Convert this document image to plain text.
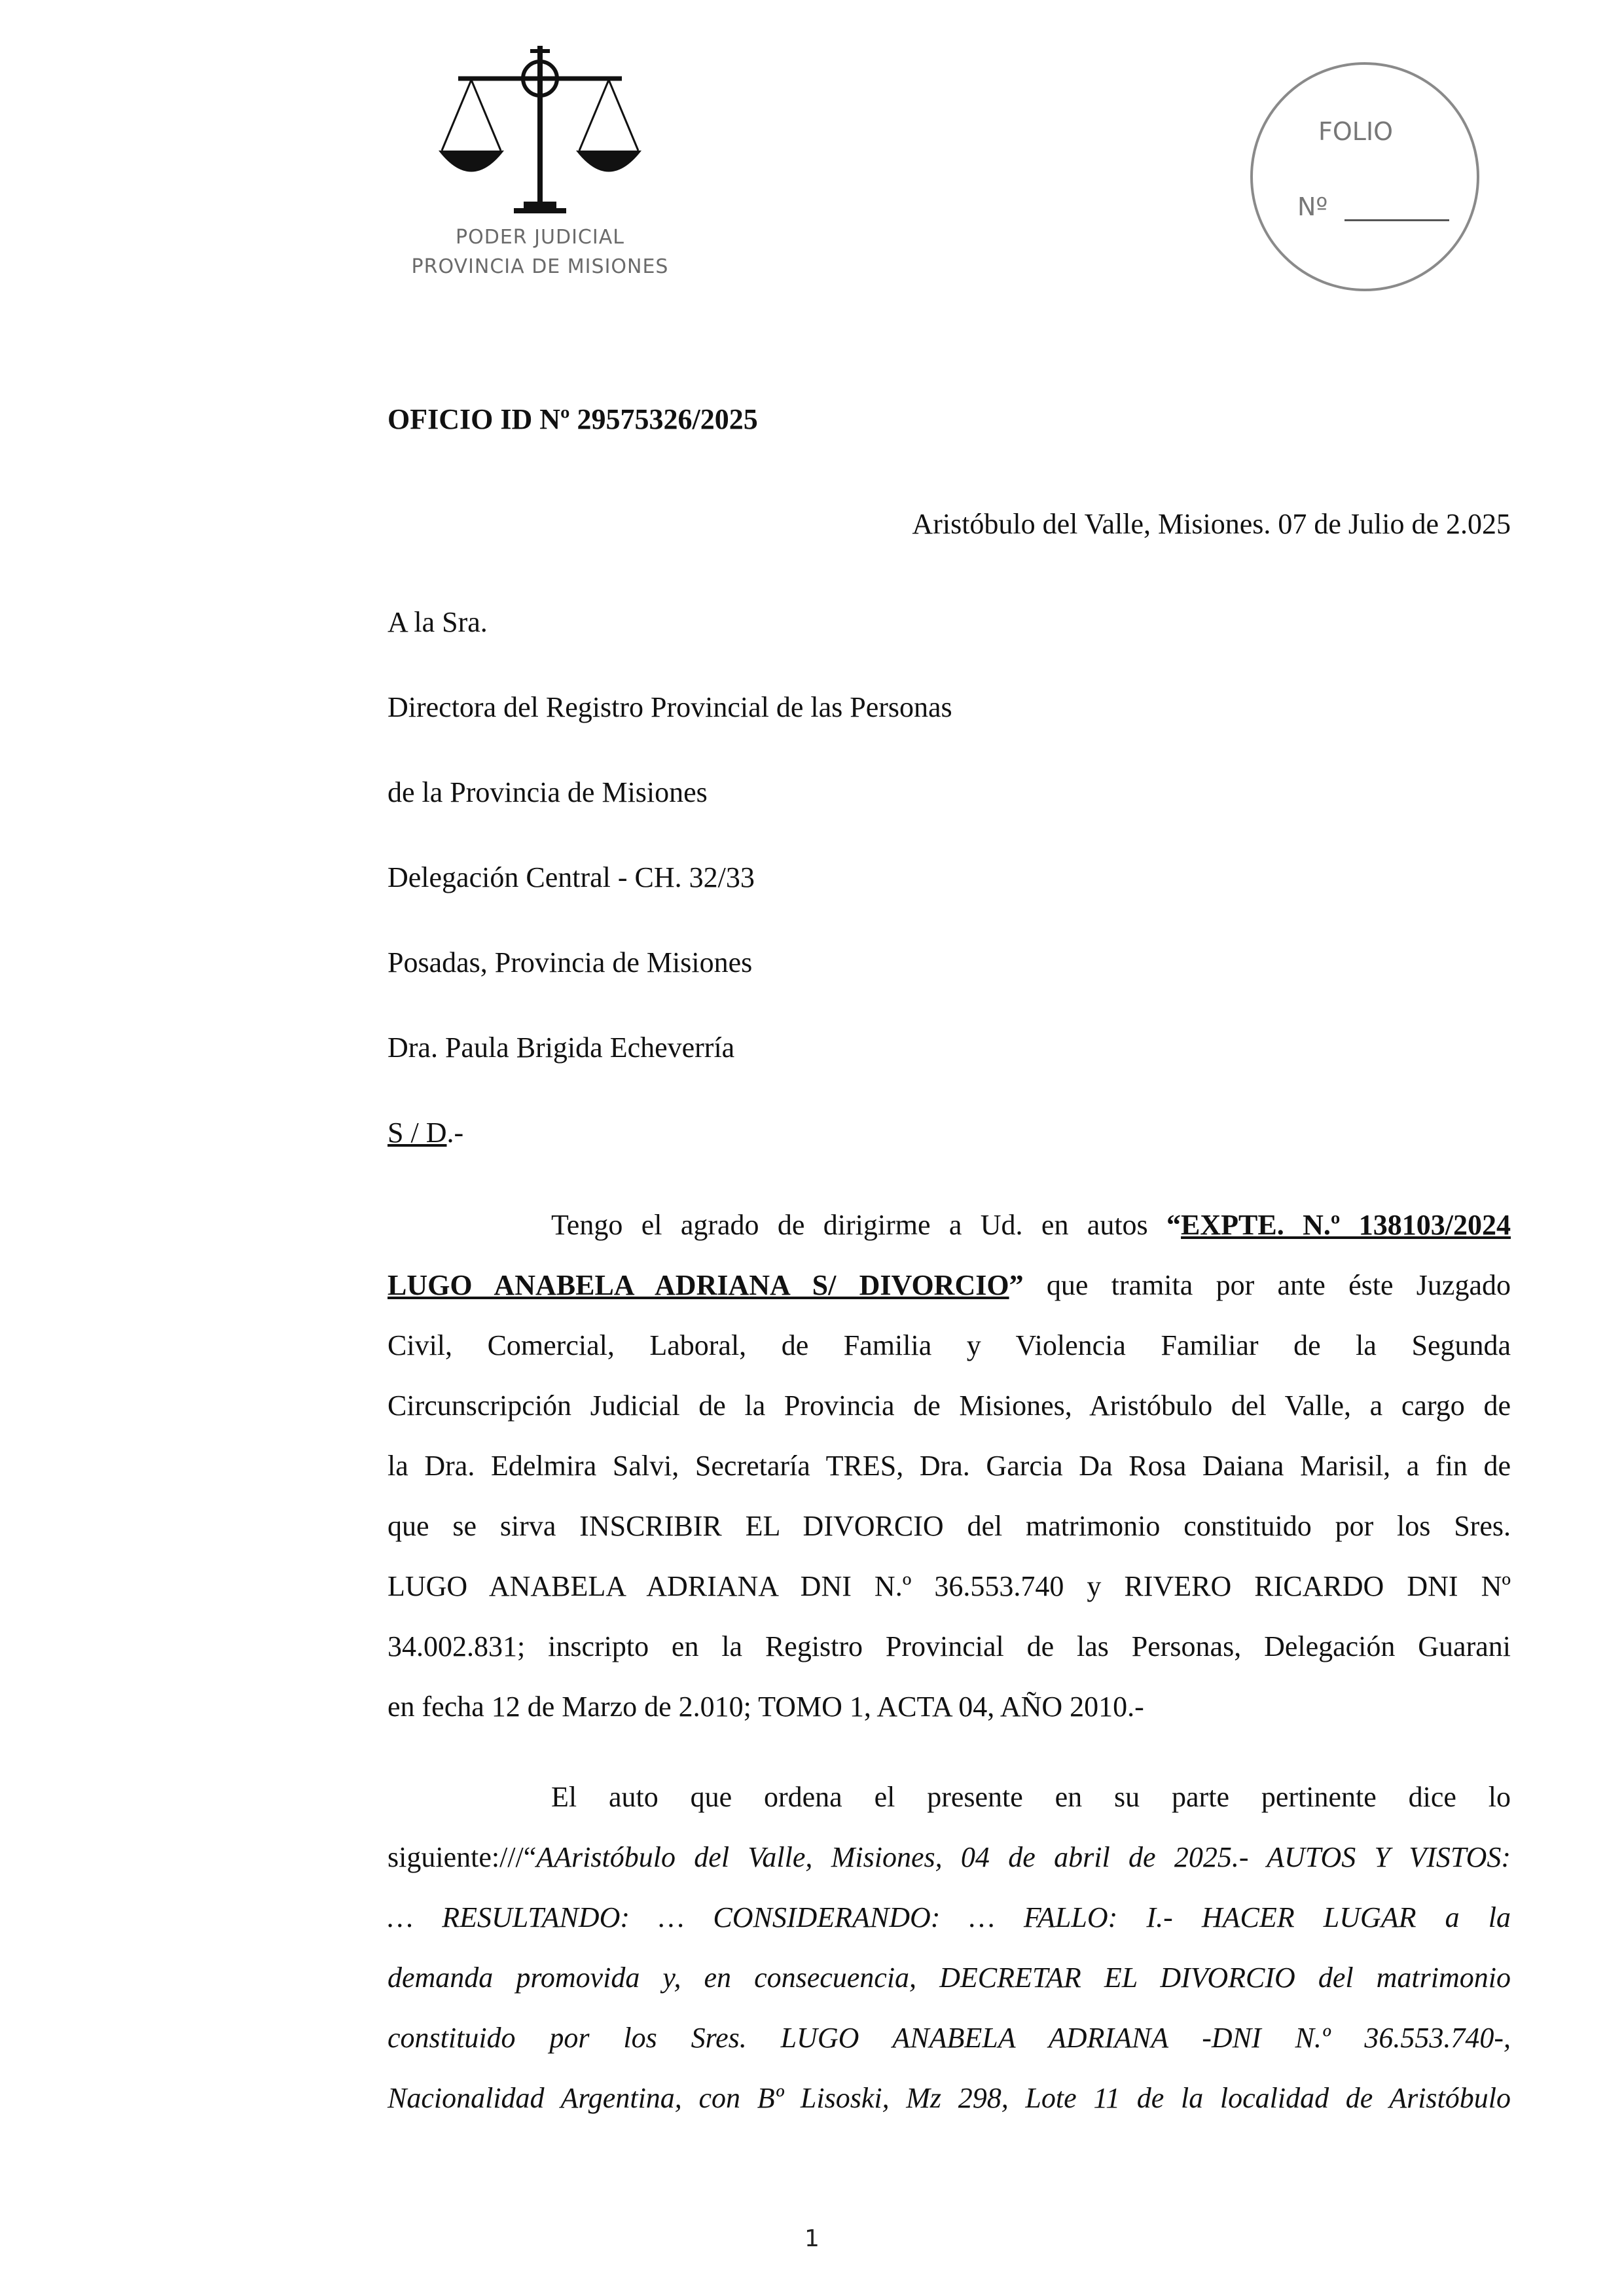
PODER JUDICIAL
PROVINCIA DE MISIONES
FOLIO
Nº
OFICIO ID Nº 29575326/2025
Aristóbulo del Valle, Misiones. 07 de Julio de 2.025
A la Sra.
Directora del Registro Provincial de las Personas
de la Provincia de Misiones
Delegación Central - CH. 32/33
Posadas, Provincia de Misiones
Dra. Paula Brigida Echeverría
S / D.-
Tengo el agrado de dirigirme a Ud. en autos “EXPTE. N.º 138103/2024
LUGO ANABELA ADRIANA S/ DIVORCIO” que tramita por ante éste Juzgado
Civil, Comercial, Laboral, de Familia y Violencia Familiar de la Segunda
Circunscripción Judicial de la Provincia de Misiones, Aristóbulo del Valle, a cargo de
la Dra. Edelmira Salvi, Secretaría TRES, Dra. Garcia Da Rosa Daiana Marisil, a fin de
que se sirva INSCRIBIR EL DIVORCIO del matrimonio constituido por los Sres.
LUGO ANABELA ADRIANA DNI N.º 36.553.740 y RIVERO RICARDO DNI Nº
34.002.831; inscripto en la Registro Provincial de las Personas, Delegación Guarani
en fecha 12 de Marzo de 2.010; TOMO 1, ACTA 04, AÑO 2010.-
El auto que ordena el presente en su parte pertinente dice lo
siguiente:///“AAristóbulo del Valle, Misiones, 04 de abril de 2025.- AUTOS Y VISTOS:
… RESULTANDO: … CONSIDERANDO: … FALLO: I.- HACER LUGAR a la
demanda promovida y, en consecuencia, DECRETAR EL DIVORCIO del matrimonio
constituido por los Sres. LUGO ANABELA ADRIANA -DNI N.º 36.553.740-,
Nacionalidad Argentina, con Bº Lisoski, Mz 298, Lote 11 de la localidad de Aristóbulo
1
